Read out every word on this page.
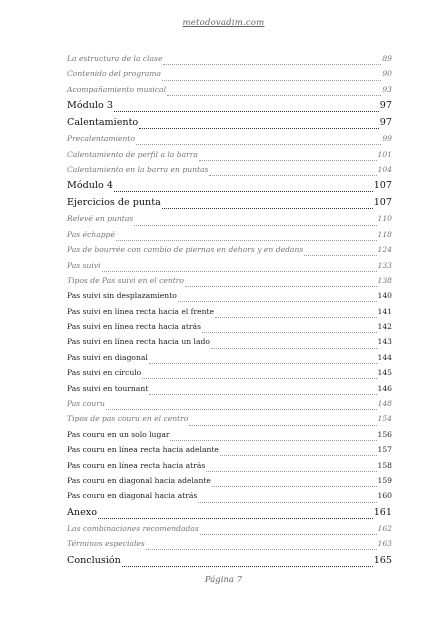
metodovadim.com
La estructura de la clase	89
Contenido del programa	90
Acompañamiento musical	93
Módulo 3	97
Calentamiento	97
Precalentamiento	99
Calentamiento de perfil a la barra	101
Calentamiento en la barra en puntas	104
Módulo 4	107
Ejercicios de punta	107
Relevé en puntas	110
Pas échappé	118
Pas de bourrée con cambio de piernas en dehors y en dedans	124
Pas suivi	133
Tipos de Pas suivi en el centro	138
Pas suivi sin desplazamiento	140
Pas suivi en línea recta hacia el frente	141
Pas suivi en línea recta hacia atrás	142
Pas suivi en línea recta hacia un lado	143
Pas suivi en diagonal	144
Pas suivi en círculo	145
Pas suivi en tournant	146
Pas couru	148
Tipos de pas couru en el centro	154
Pas couru en un solo lugar	156
Pas couru en línea recta hacia adelante	157
Pas couru en línea recta hacia atrás	158
Pas couru en diagonal hacia adelante	159
Pas couru en diagonal hacia atrás	160
Anexo	161
Las combinaciones recomendadas	162
Términos especiales	163
Conclusión	165
Página 7
